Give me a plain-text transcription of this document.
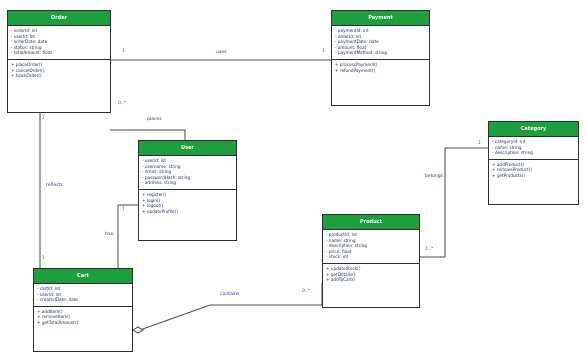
Order
- orderId: int
- userId: int
- orderDate: date
- status: string
- totalAmount: float
+ placeOrder()
+ cancelOrder()
+ trackOrder()
Payment
- paymentId: int
- orderId: int
- paymentDate: date
- amount: float
- paymentMethod: string
+ processPayment()
+ refundPayment()
User
- userId: int
- username: string
- email: string
- passwordHash: string
- address: string
+ register()
+ login()
+ logout()
+ updateProfile()
Category
- categoryId: int
- name: string
- description: string
+ addProduct()
+ removeProduct()
+ getProducts()
Product
- productId: int
- name: string
- description: string
- price: float
- stock: int
+ updateStock()
+ getDetails()
+ addToCart()
Cart
- cartId: int
- userId: int
- createdDate: date
+ addItem()
+ removeItem()
+ getTotalAmount()
uses
places
reflects
has
contains
belongs
1	1
0..*
1
1
1
0..*
1..*
1
